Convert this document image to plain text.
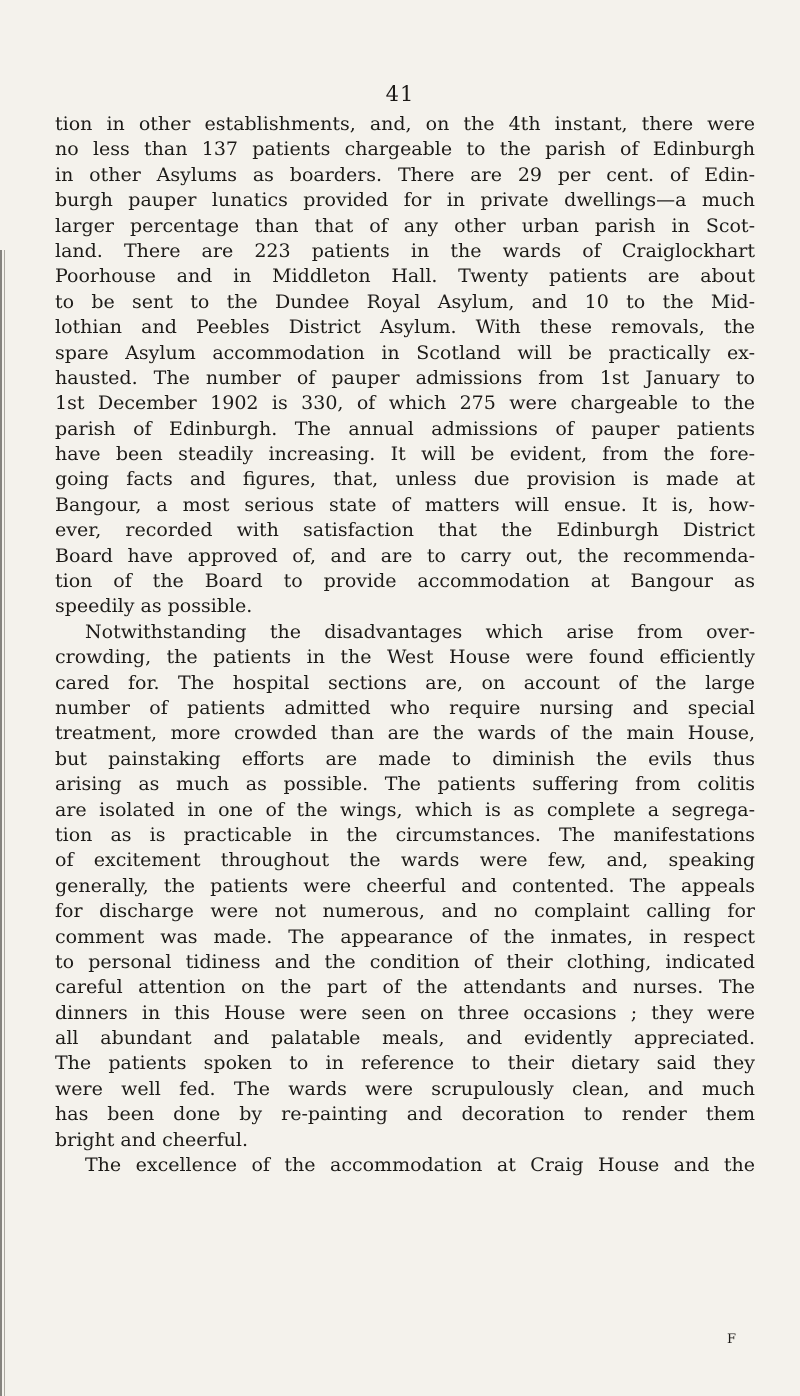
41
tion in other establishments, and, on the 4th instant, there were
no less than 137 patients chargeable to the parish of Edinburgh
in other Asylums as boarders. There are 29 per cent. of Edin-
burgh pauper lunatics provided for in private dwellings—a much
larger percentage than that of any other urban parish in Scot-
land. There are 223 patients in the wards of Craiglockhart
Poorhouse and in Middleton Hall. Twenty patients are about
to be sent to the Dundee Royal Asylum, and 10 to the Mid-
lothian and Peebles District Asylum. With these removals, the
spare Asylum accommodation in Scotland will be practically ex-
hausted. The number of pauper admissions from 1st January to
1st December 1902 is 330, of which 275 were chargeable to the
parish of Edinburgh. The annual admissions of pauper patients
have been steadily increasing. It will be evident, from the fore-
going facts and figures, that, unless due provision is made at
Bangour, a most serious state of matters will ensue. It is, how-
ever, recorded with satisfaction that the Edinburgh District
Board have approved of, and are to carry out, the recommenda-
tion of the Board to provide accommodation at Bangour as
speedily as possible.
Notwithstanding the disadvantages which arise from over-
crowding, the patients in the West House were found efficiently
cared for. The hospital sections are, on account of the large
number of patients admitted who require nursing and special
treatment, more crowded than are the wards of the main House,
but painstaking efforts are made to diminish the evils thus
arising as much as possible. The patients suffering from colitis
are isolated in one of the wings, which is as complete a segrega-
tion as is practicable in the circumstances. The manifestations
of excitement throughout the wards were few, and, speaking
generally, the patients were cheerful and contented. The appeals
for discharge were not numerous, and no complaint calling for
comment was made. The appearance of the inmates, in respect
to personal tidiness and the condition of their clothing, indicated
careful attention on the part of the attendants and nurses. The
dinners in this House were seen on three occasions ; they were
all abundant and palatable meals, and evidently appreciated.
The patients spoken to in reference to their dietary said they
were well fed. The wards were scrupulously clean, and much
has been done by re-painting and decoration to render them
bright and cheerful.
The excellence of the accommodation at Craig House and the
F
